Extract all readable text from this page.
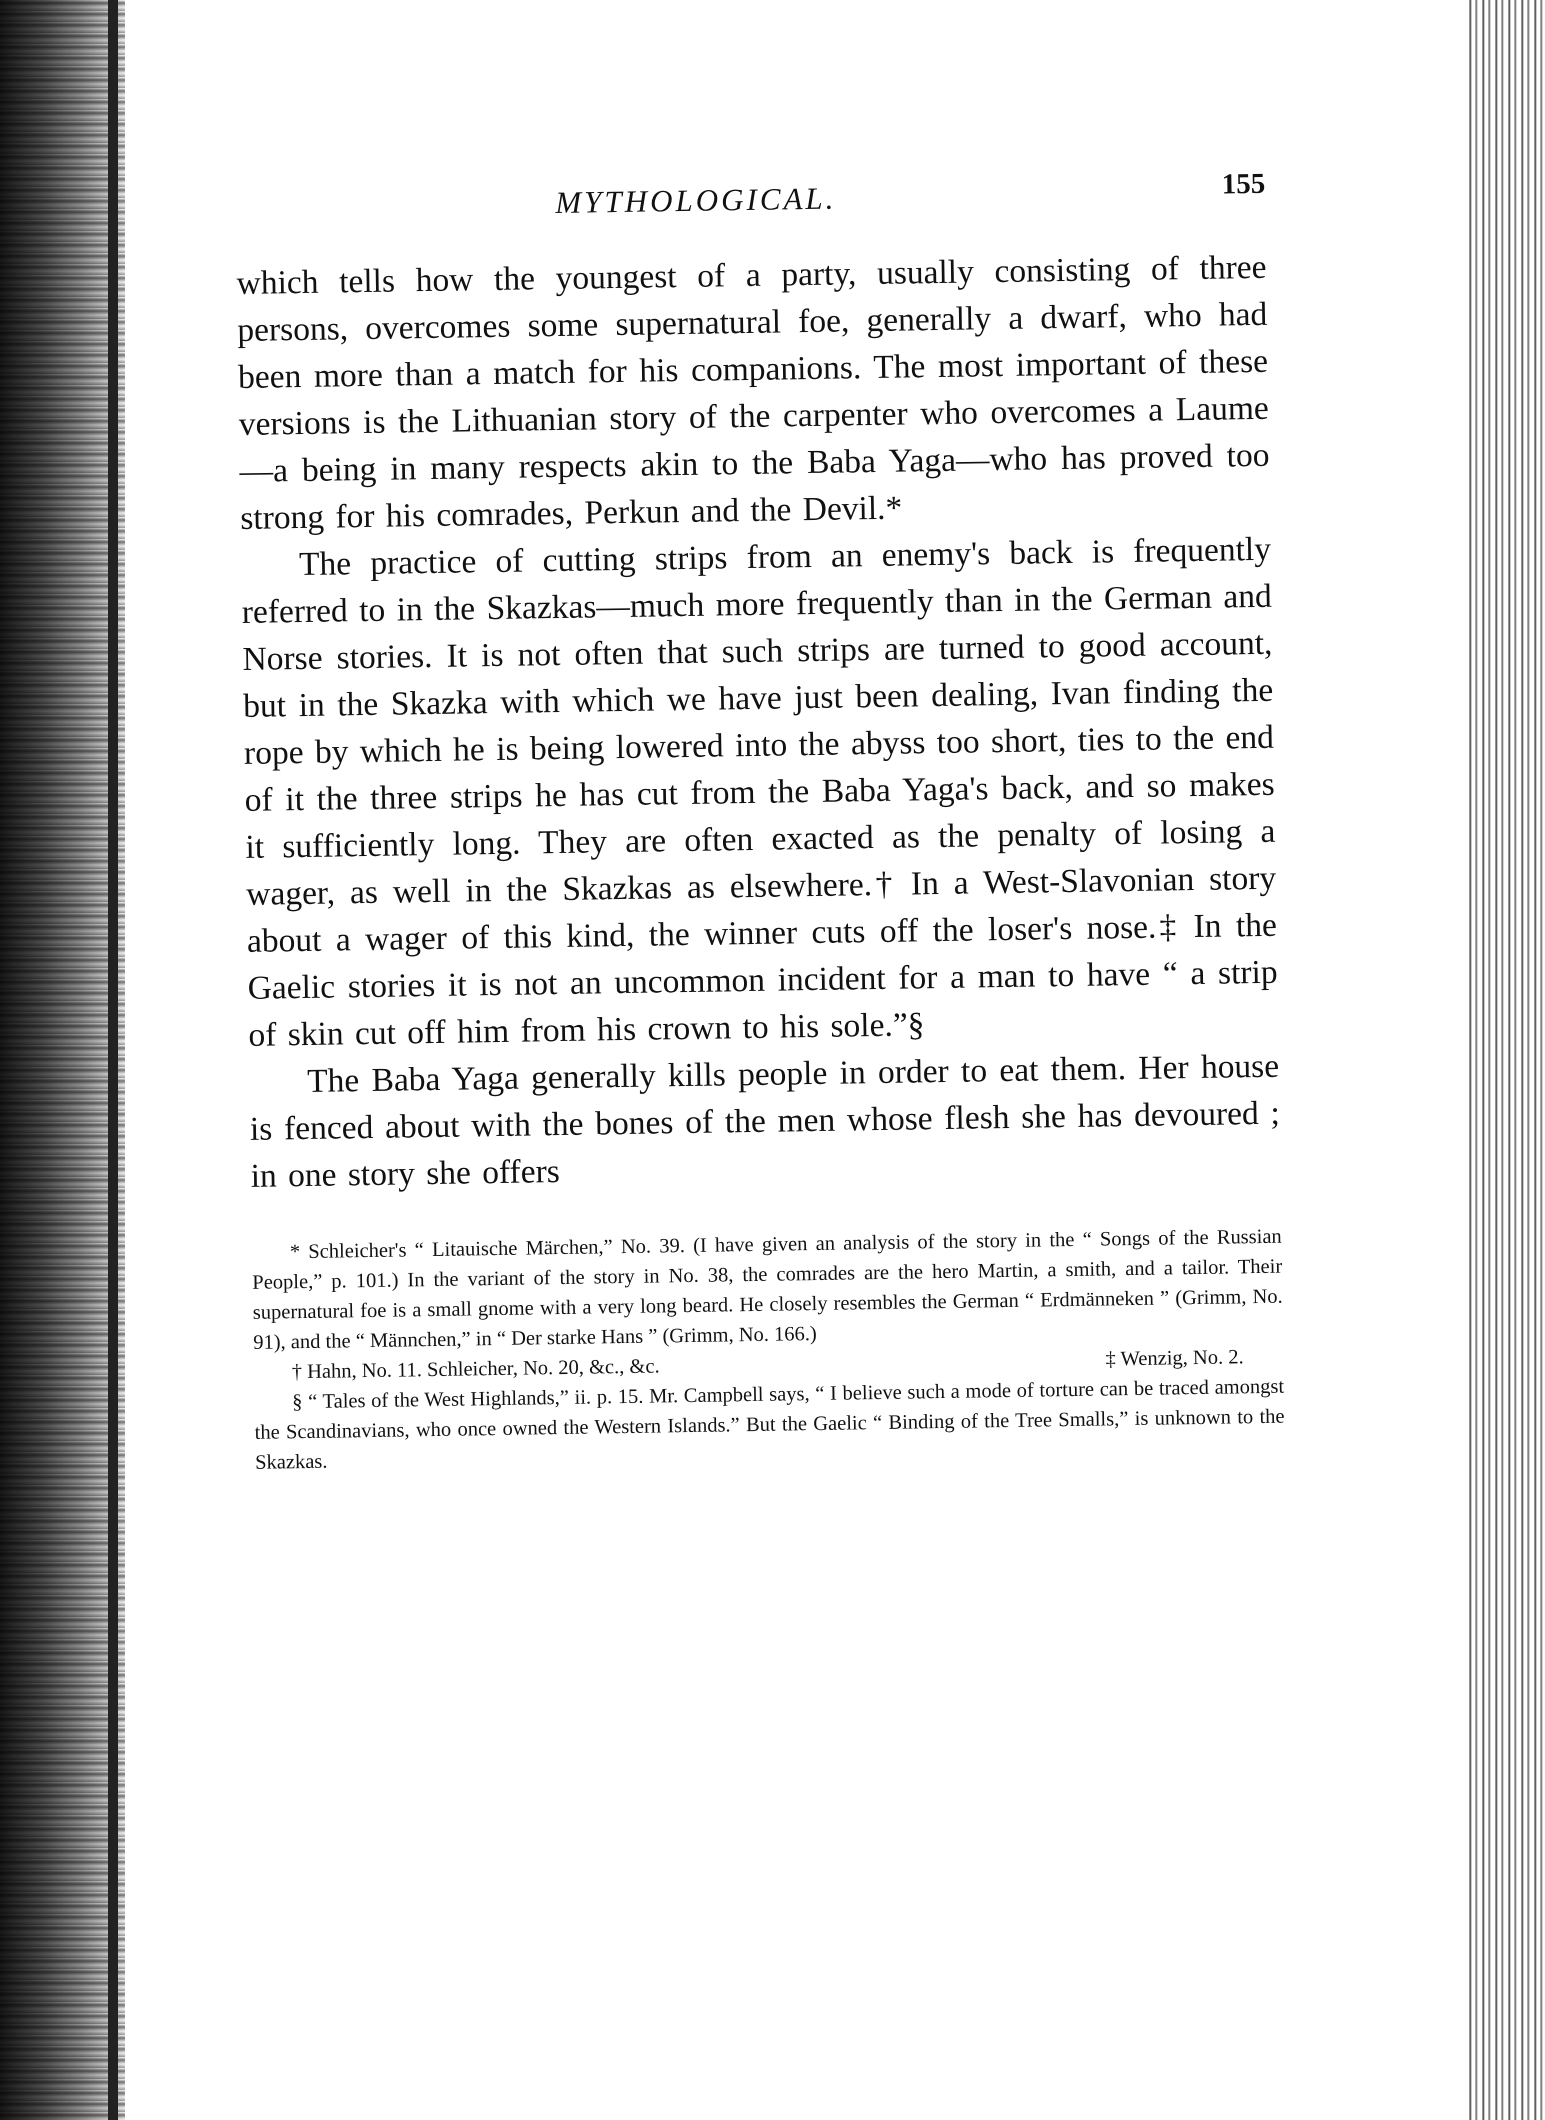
MYTHOLOGICAL.	155

which tells how the youngest of a party, usually consisting of three persons, overcomes some supernatural foe, generally a dwarf, who had been more than a match for his companions. The most important of these versions is the Lithuanian story of the carpenter who overcomes a Laume —a being in many respects akin to the Baba Yaga—who has proved too strong for his comrades, Perkun and the Devil.*

The practice of cutting strips from an enemy's back is frequently referred to in the Skazkas—much more frequently than in the German and Norse stories. It is not often that such strips are turned to good account, but in the Skazka with which we have just been dealing, Ivan finding the rope by which he is being lowered into the abyss too short, ties to the end of it the three strips he has cut from the Baba Yaga's back, and so makes it sufficiently long. They are often exacted as the penalty of losing a wager, as well in the Skazkas as elsewhere.† In a West-Slavonian story about a wager of this kind, the winner cuts off the loser's nose.‡ In the Gaelic stories it is not an uncommon incident for a man to have “ a strip of skin cut off him from his crown to his sole.”§

The Baba Yaga generally kills people in order to eat them. Her house is fenced about with the bones of the men whose flesh she has devoured ; in one story she offers

* Schleicher's “ Litauische Märchen,” No. 39. (I have given an analysis of the story in the “ Songs of the Russian People,” p. 101.) In the variant of the story in No. 38, the comrades are the hero Martin, a smith, and a tailor. Their supernatural foe is a small gnome with a very long beard. He closely resembles the German “ Erdmänneken ” (Grimm, No. 91), and the “ Männchen,” in “ Der starke Hans ” (Grimm, No. 166.)

† Hahn, No. 11. Schleicher, No. 20, &c., &c.	‡ Wenzig, No. 2.

§ “ Tales of the West Highlands,” ii. p. 15. Mr. Campbell says, “ I believe such a mode of torture can be traced amongst the Scandinavians, who once owned the Western Islands.” But the Gaelic “ Binding of the Tree Smalls,” is unknown to the Skazkas.
